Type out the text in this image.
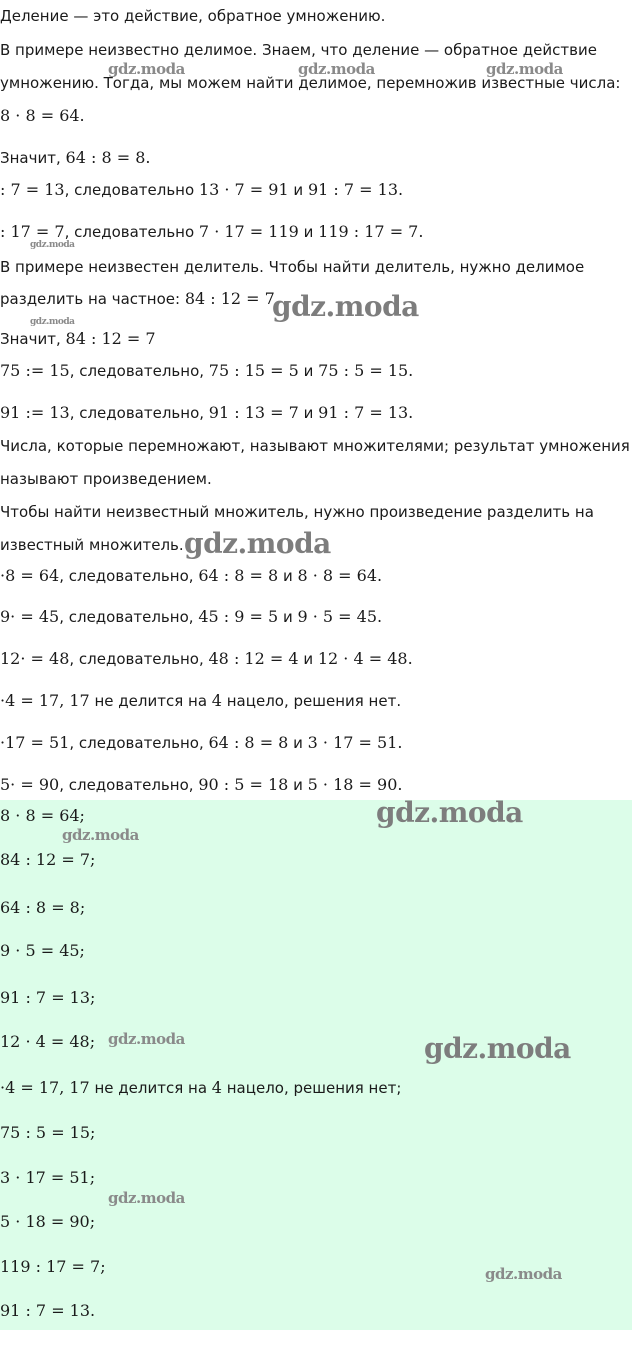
Деление — это действие, обратное умножению.
В примере неизвестно делимое. Знаем, что деление — обратное действие
умножению. Тогда, мы можем найти делимое, перемножив известные числа:
8 · 8 = 64.
Значит, 64 : 8 = 8.
: 7 = 13, следовательно 13 · 7 = 91 и 91 : 7 = 13.
: 17 = 7, следовательно 7 · 17 = 119 и 119 : 17 = 7.
В примере неизвестен делитель. Чтобы найти делитель, нужно делимое
разделить на частное: 84 : 12 = 7
Значит, 84 : 12 = 7
75 := 15, следовательно, 75 : 15 = 5 и 75 : 5 = 15.
91 := 13, следовательно, 91 : 13 = 7 и 91 : 7 = 13.
Числа, которые перемножают, называют множителями; результат умножения
называют произведением.
Чтобы найти неизвестный множитель, нужно произведение разделить на
известный множитель.
·8 = 64, следовательно, 64 : 8 = 8 и 8 · 8 = 64.
9· = 45, следовательно, 45 : 9 = 5 и 9 · 5 = 45.
12· = 48, следовательно, 48 : 12 = 4 и 12 · 4 = 48.
·4 = 17, 17 не делится на 4 нацело, решения нет.
·17 = 51, следовательно, 64 : 8 = 8 и 3 · 17 = 51.
5· = 90, следовательно, 90 : 5 = 18 и 5 · 18 = 90.
8 · 8 = 64;
84 : 12 = 7;
64 : 8 = 8;
9 · 5 = 45;
91 : 7 = 13;
12 · 4 = 48;
·4 = 17, 17 не делится на 4 нацело, решения нет;
75 : 5 = 15;
3 · 17 = 51;
5 · 18 = 90;
119 : 17 = 7;
91 : 7 = 13.
gdz.moda	gdz.moda	gdz.moda
gdz.moda
gdz.moda
gdz.moda
gdz.moda
gdz.moda
gdz.moda
gdz.moda	gdz.moda
gdz.moda
gdz.moda
